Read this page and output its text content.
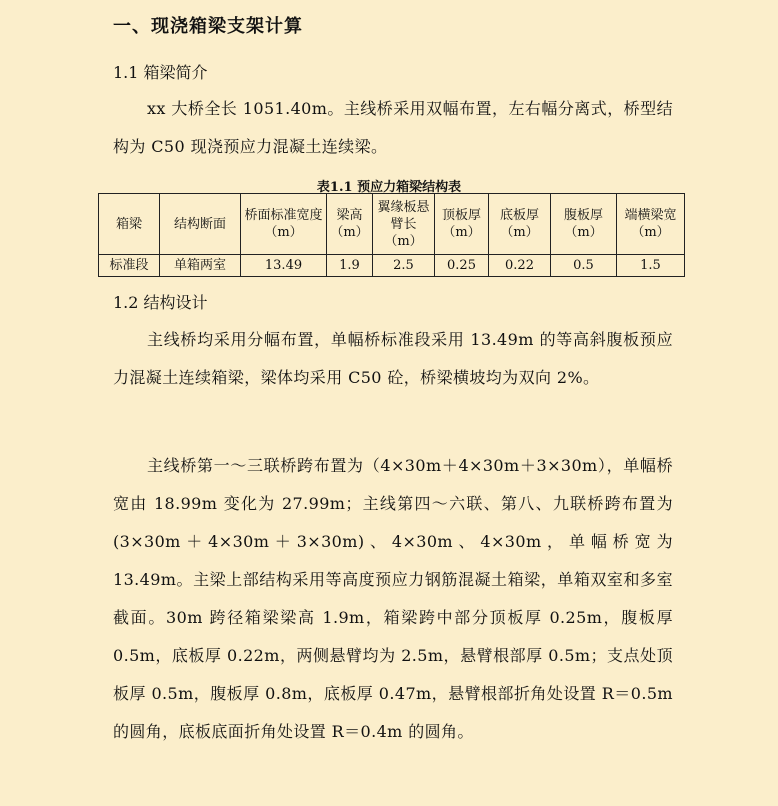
一、现浇箱梁支架计算
1.1 箱梁简介
xx 大桥全长 1051.40m。主线桥采用双幅布置，左右幅分离式，桥型结构为 C50 现浇预应力混凝土连续梁。
表1.1 预应力箱梁结构表
箱梁	结构断面	桥面标准宽度（m）	梁高（m）	翼缘板悬臂长（m）	顶板厚（m）	底板厚（m）	腹板厚（m）	端横梁宽（m）
标准段	单箱两室	13.49	1.9	2.5	0.25	0.22	0.5	1.5
1.2 结构设计
主线桥均采用分幅布置，单幅桥标准段采用 13.49m 的等高斜腹板预应力混凝土连续箱梁，梁体均采用 C50 砼，桥梁横坡均为双向 2%。
主线桥第一～三联桥跨布置为（4×30m＋4×30m＋3×30m），单幅桥宽由 18.99m 变化为 27.99m；主线第四～六联、第八、九联桥跨布置为(3×30m＋4×30m＋3×30m)、4×30m、4×30m，单幅桥宽为 13.49m。主梁上部结构采用等高度预应力钢筋混凝土箱梁，单箱双室和多室截面。30m 跨径箱梁梁高 1.9m，箱梁跨中部分顶板厚 0.25m，腹板厚 0.5m，底板厚 0.22m，两侧悬臂均为 2.5m，悬臂根部厚 0.5m；支点处顶板厚 0.5m，腹板厚 0.8m，底板厚 0.47m，悬臂根部折角处设置 R＝0.5m 的圆角，底板底面折角处设置 R＝0.4m 的圆角。
